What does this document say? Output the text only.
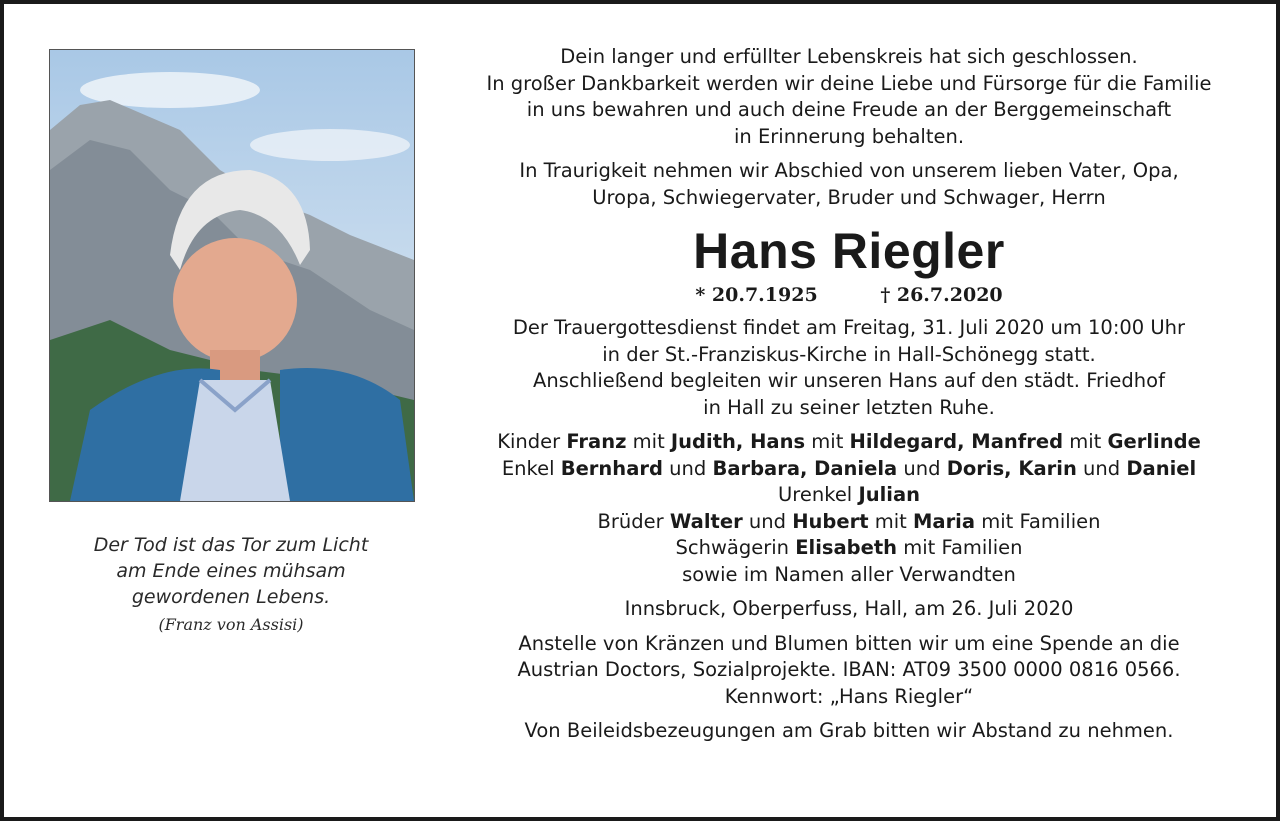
Der Tod ist das Tor zum Licht

am Ende eines mühsam

gewordenen Lebens.

(Franz von Assisi)

Dein langer und erfüllter Lebenskreis hat sich geschlossen.

In großer Dankbarkeit werden wir deine Liebe und Fürsorge für die Familie

in uns bewahren und auch deine Freude an der Berggemeinschaft

in Erinnerung behalten.

In Traurigkeit nehmen wir Abschied von unserem lieben Vater, Opa,

Uropa, Schwiegervater, Bruder und Schwager, Herrn

Hans Riegler

* 20.7.1925	† 26.7.2020

Der Trauergottesdienst findet am Freitag, 31. Juli 2020 um 10:00 Uhr

in der St.-Franziskus-Kirche in Hall-Schönegg statt.

Anschließend begleiten wir unseren Hans auf den städt. Friedhof

in Hall zu seiner letzten Ruhe.

Kinder Franz mit Judith, Hans mit Hildegard, Manfred mit Gerlinde

Enkel Bernhard und Barbara, Daniela und Doris, Karin und Daniel

Urenkel Julian

Brüder Walter und Hubert mit Maria mit Familien

Schwägerin Elisabeth mit Familien

sowie im Namen aller Verwandten

Innsbruck, Oberperfuss, Hall, am 26. Juli 2020

Anstelle von Kränzen und Blumen bitten wir um eine Spende an die

Austrian Doctors, Sozialprojekte. IBAN: AT09 3500 0000 0816 0566.

Kennwort: „Hans Riegler“

Von Beileidsbezeugungen am Grab bitten wir Abstand zu nehmen.
